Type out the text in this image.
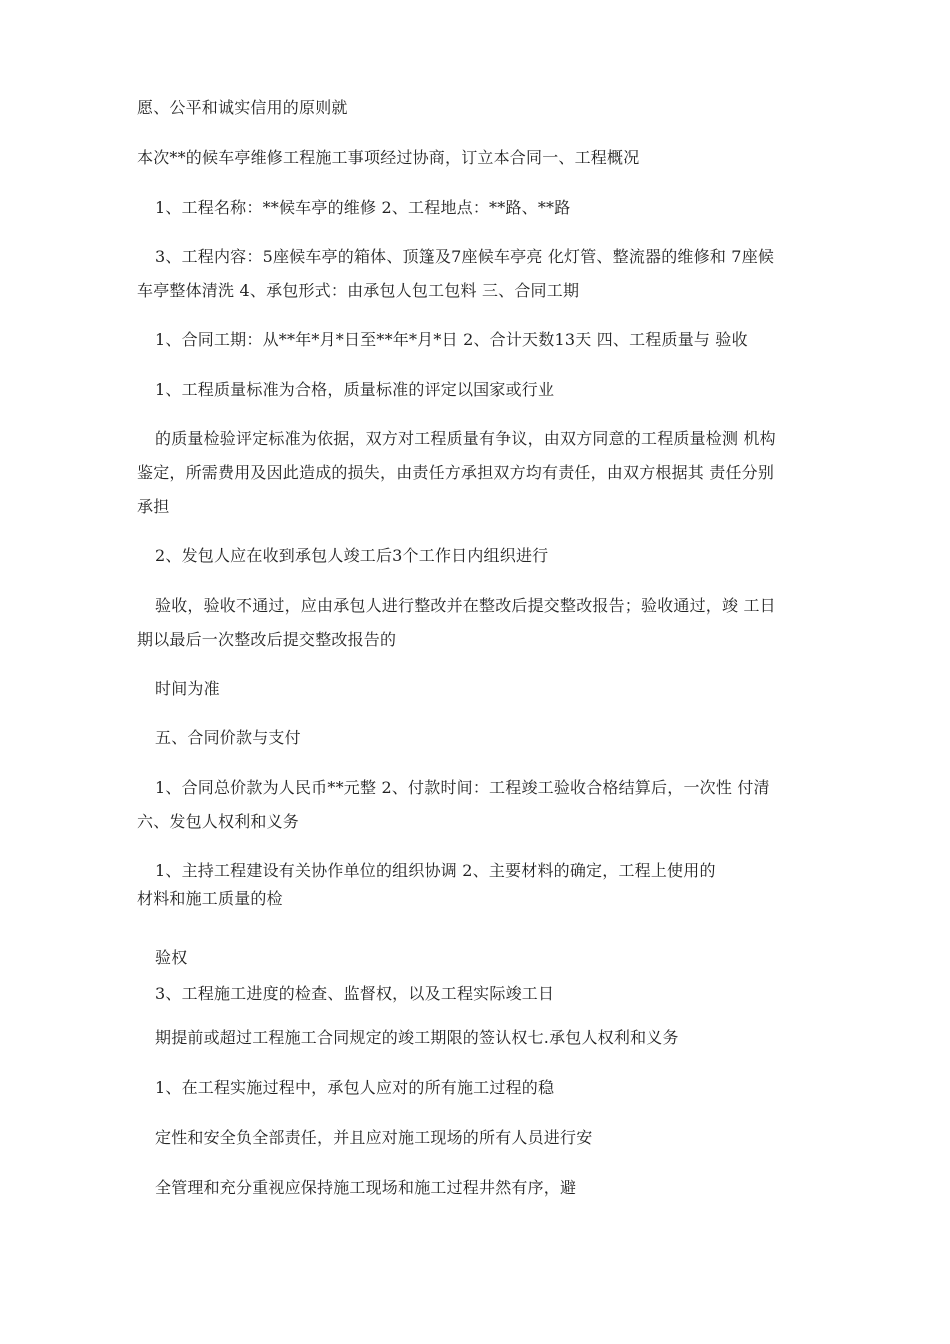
愿、公平和诚实信用的原则就
本次**的候车亭维修工程施工事项经过协商，订立本合同一、工程概况
1、工程名称：**候车亭的维修 2、工程地点：**路、**路
3、工程内容：5座候车亭的箱体、顶篷及7座候车亭亮 化灯管、整流器的维修和 7座候
车亭整体清洗 4、承包形式：由承包人包工包料 三、合同工期
1、合同工期：从**年*月*日至**年*月*日 2、合计天数13天 四、工程质量与 验收
1、工程质量标准为合格，质量标准的评定以国家或行业
的质量检验评定标准为依据，双方对工程质量有争议，由双方同意的工程质量检测 机构
鉴定，所需费用及因此造成的损失，由责任方承担双方均有责任，由双方根据其 责任分别
承担
2、发包人应在收到承包人竣工后3个工作日内组织进行
验收，验收不通过，应由承包人进行整改并在整改后提交整改报告；验收通过，竣 工日
期以最后一次整改后提交整改报告的
时间为准
五、合同价款与支付
1、合同总价款为人民币**元整 2、付款时间：工程竣工验收合格结算后，一次性 付清
六、发包人权利和义务
1、主持工程建设有关协作单位的组织协调 2、主要材料的确定，工程上使用的
材料和施工质量的检
验权
3、工程施工进度的检查、监督权，以及工程实际竣工日
期提前或超过工程施工合同规定的竣工期限的签认权七.承包人权利和义务
1、在工程实施过程中，承包人应对的所有施工过程的稳
定性和安全负全部责任，并且应对施工现场的所有人员进行安
全管理和充分重视应保持施工现场和施工过程井然有序，避
